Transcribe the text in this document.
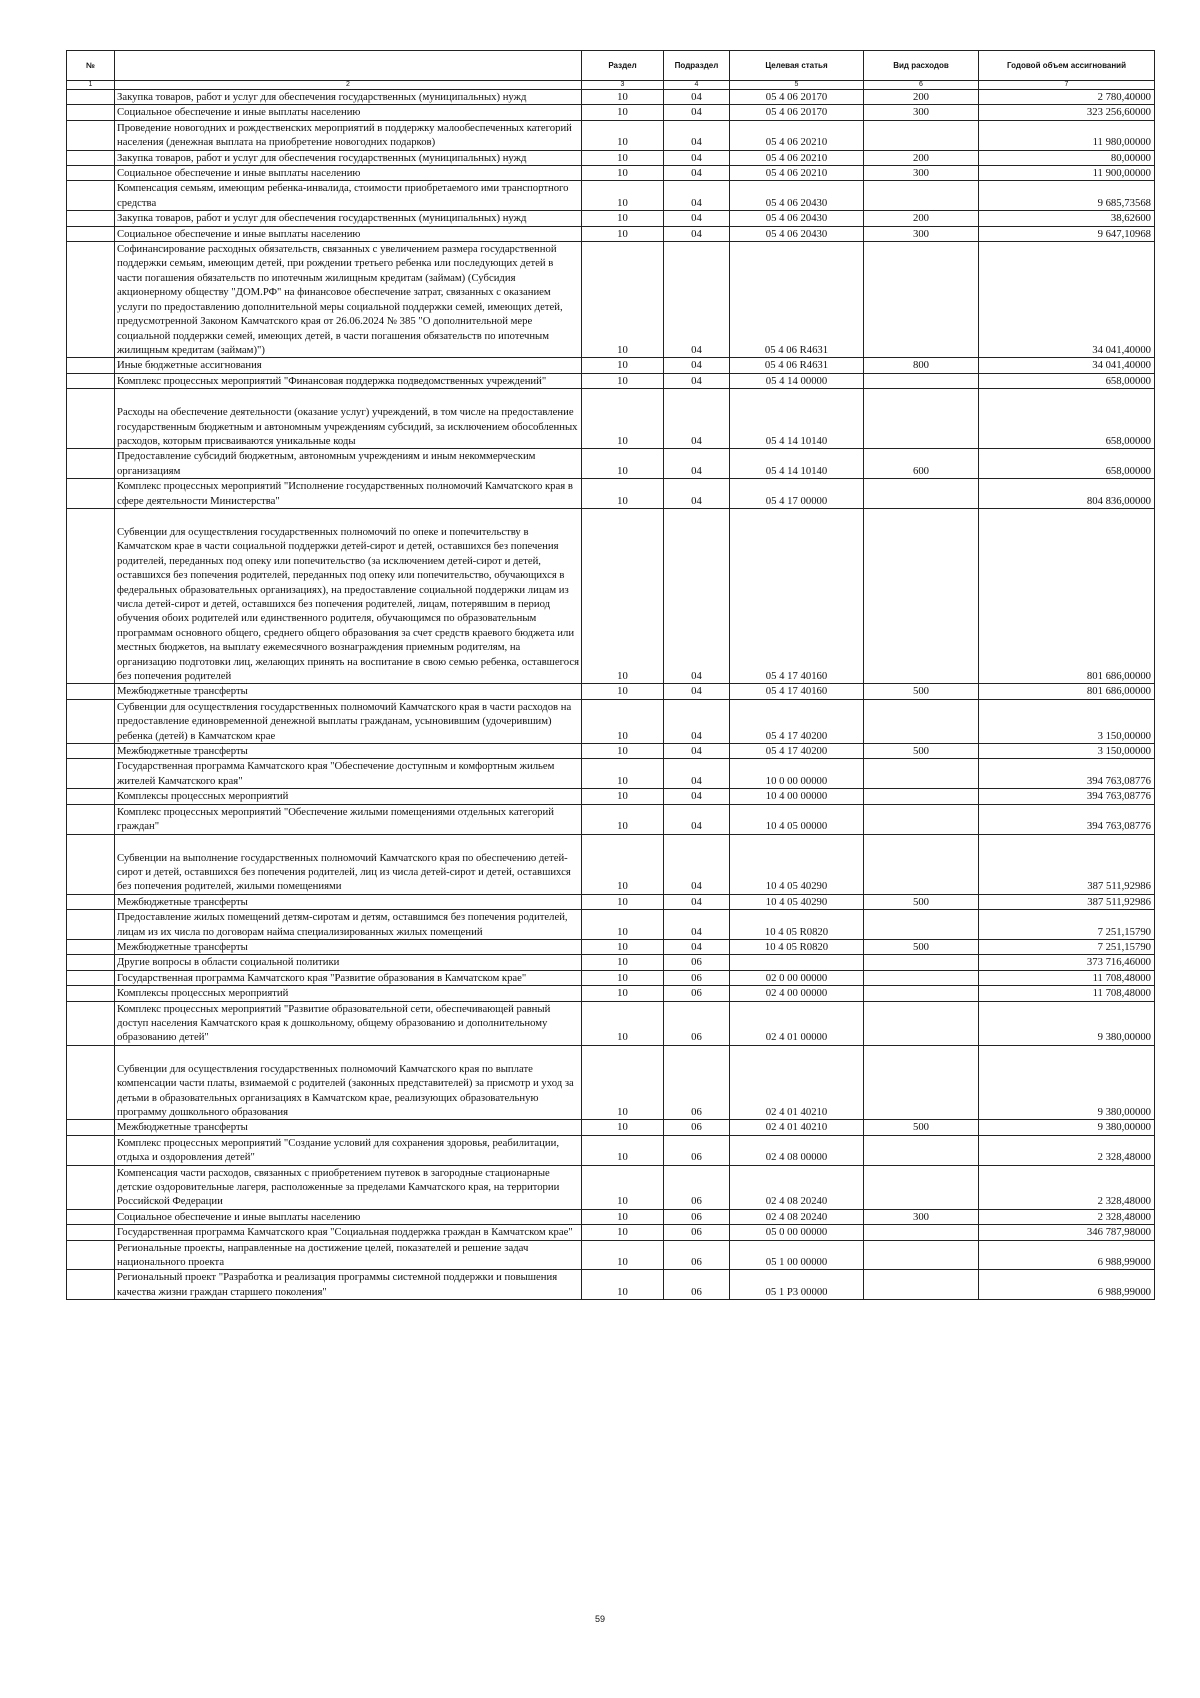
№		Раздел	Подраздел	Целевая статья	Вид расходов	Годовой объем ассигнований
1	2	3	4	5	6	7
	Закупка товаров, работ и услуг для обеспечения государственных (муниципальных) нужд	10	04	05 4 06 20170	200	2 780,40000
	Социальное обеспечение и иные выплаты населению	10	04	05 4 06 20170	300	323 256,60000
	Проведение новогодних и рождественских мероприятий в поддержку малообеспеченных категорий населения (денежная выплата на приобретение новогодних подарков)	10	04	05 4 06 20210		11 980,00000
	Закупка товаров, работ и услуг для обеспечения государственных (муниципальных) нужд	10	04	05 4 06 20210	200	80,00000
	Социальное обеспечение и иные выплаты населению	10	04	05 4 06 20210	300	11 900,00000
	Компенсация семьям, имеющим ребенка-инвалида, стоимости приобретаемого ими транспортного средства	10	04	05 4 06 20430		9 685,73568
	Закупка товаров, работ и услуг для обеспечения государственных (муниципальных) нужд	10	04	05 4 06 20430	200	38,62600
	Социальное обеспечение и иные выплаты населению	10	04	05 4 06 20430	300	9 647,10968
	Софинансирование расходных обязательств, связанных с увеличением размера государственной поддержки семьям, имеющим детей, при рождении третьего ребенка или последующих детей в части погашения обязательств по ипотечным жилищным кредитам (займам) (Субсидия акционерному обществу "ДОМ.РФ" на финансовое обеспечение затрат, связанных с оказанием услуги по предоставлению дополнительной меры социальной поддержки семей, имеющих детей, предусмотренной Законом Камчатского края от 26.06.2024 № 385 "О дополнительной мере социальной поддержки семей, имеющих детей, в части погашения обязательств по ипотечным жилищным кредитам (займам)")	10	04	05 4 06 R4631		34 041,40000
	Иные бюджетные ассигнования	10	04	05 4 06 R4631	800	34 041,40000
	Комплекс процессных мероприятий "Финансовая поддержка подведомственных учреждений"	10	04	05 4 14 00000		658,00000
	Расходы на обеспечение деятельности (оказание услуг) учреждений, в том числе на предоставление государственным бюджетным и автономным учреждениям субсидий, за исключением обособленных расходов, которым присваиваются уникальные коды	10	04	05 4 14 10140		658,00000
	Предоставление субсидий бюджетным, автономным учреждениям и иным некоммерческим организациям	10	04	05 4 14 10140	600	658,00000
	Комплекс процессных мероприятий "Исполнение государственных полномочий Камчатского края в сфере деятельности Министерства"	10	04	05 4 17 00000		804 836,00000
	Субвенции для осуществления государственных полномочий по опеке и попечительству в Камчатском крае в части социальной поддержки детей-сирот и детей, оставшихся без попечения родителей, переданных под опеку или попечительство (за исключением детей-сирот и детей, оставшихся без попечения родителей, переданных под опеку или попечительство, обучающихся в федеральных образовательных организациях), на предоставление социальной поддержки лицам из числа детей-сирот и детей, оставшихся без попечения родителей, лицам, потерявшим в период обучения обоих родителей или единственного родителя, обучающимся по образовательным программам основного общего, среднего общего образования за счет средств краевого бюджета или местных бюджетов, на выплату ежемесячного вознаграждения приемным родителям, на организацию подготовки лиц, желающих принять на воспитание в свою семью ребенка, оставшегося без попечения родителей	10	04	05 4 17 40160		801 686,00000
	Межбюджетные трансферты	10	04	05 4 17 40160	500	801 686,00000
	Субвенции для осуществления государственных полномочий Камчатского края в части расходов на предоставление единовременной денежной выплаты гражданам, усыновившим (удочерившим) ребенка (детей) в Камчатском крае	10	04	05 4 17 40200		3 150,00000
	Межбюджетные трансферты	10	04	05 4 17 40200	500	3 150,00000
	Государственная программа Камчатского края "Обеспечение доступным и комфортным жильем жителей Камчатского края"	10	04	10 0 00 00000		394 763,08776
	Комплексы процессных мероприятий	10	04	10 4 00 00000		394 763,08776
	Комплекс процессных мероприятий "Обеспечение жилыми помещениями отдельных категорий граждан"	10	04	10 4 05 00000		394 763,08776
	Субвенции на выполнение государственных полномочий Камчатского края по обеспечению детей-сирот и детей, оставшихся без попечения родителей, лиц из числа детей-сирот и детей, оставшихся без попечения родителей, жилыми помещениями	10	04	10 4 05 40290		387 511,92986
	Межбюджетные трансферты	10	04	10 4 05 40290	500	387 511,92986
	Предоставление жилых помещений детям-сиротам и детям, оставшимся без попечения родителей, лицам из их числа по договорам найма специализированных жилых помещений	10	04	10 4 05 R0820		7 251,15790
	Межбюджетные трансферты	10	04	10 4 05 R0820	500	7 251,15790
	Другие вопросы в области социальной политики	10	06			373 716,46000
	Государственная программа Камчатского края "Развитие образования в Камчатском крае"	10	06	02 0 00 00000		11 708,48000
	Комплексы процессных мероприятий	10	06	02 4 00 00000		11 708,48000
	Комплекс процессных мероприятий "Развитие образовательной сети, обеспечивающей равный доступ населения Камчатского края к дошкольному, общему образованию и дополнительному образованию детей"	10	06	02 4 01 00000		9 380,00000
	Субвенции для осуществления государственных полномочий Камчатского края по выплате компенсации части платы, взимаемой с родителей (законных представителей) за присмотр и уход за детьми в образовательных организациях в Камчатском крае, реализующих образовательную программу дошкольного образования	10	06	02 4 01 40210		9 380,00000
	Межбюджетные трансферты	10	06	02 4 01 40210	500	9 380,00000
	Комплекс процессных мероприятий "Создание условий для сохранения здоровья, реабилитации, отдыха и оздоровления детей"	10	06	02 4 08 00000		2 328,48000
	Компенсация части расходов, связанных с приобретением путевок в загородные стационарные детские оздоровительные лагеря, расположенные за пределами Камчатского края, на территории Российской Федерации	10	06	02 4 08 20240		2 328,48000
	Социальное обеспечение и иные выплаты населению	10	06	02 4 08 20240	300	2 328,48000
	Государственная программа Камчатского края "Социальная поддержка граждан в Камчатском крае"	10	06	05 0 00 00000		346 787,98000
	Региональные проекты, направленные на достижение целей, показателей и решение задач национального проекта	10	06	05 1 00 00000		6 988,99000
	Региональный проект "Разработка и реализация программы системной поддержки и повышения качества жизни граждан старшего поколения"	10	06	05 1 P3 00000		6 988,99000
59
